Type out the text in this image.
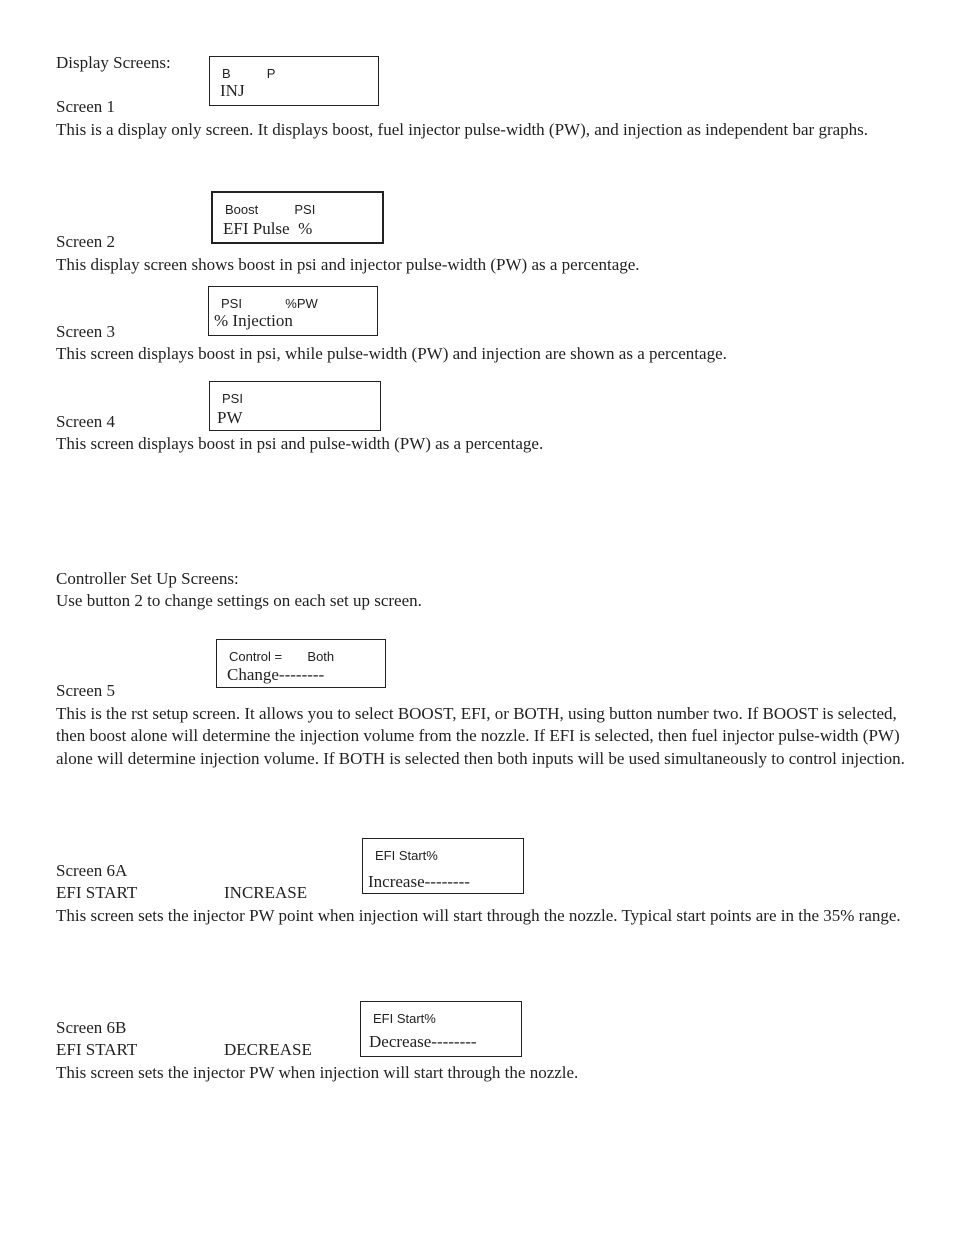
Display Screens:
B          P
INJ
Screen 1
This is a display only screen. It displays boost, fuel injector pulse-width (PW), and injection as independent bar graphs.
Boost          PSI
EFI Pulse  %
Screen 2
This display screen shows boost in psi and injector pulse-width (PW) as a percentage.
PSI            %PW
% Injection
Screen 3
This screen displays boost in psi, while pulse-width (PW) and injection are shown as a percentage.
PSI
PW
Screen 4
This screen displays boost in psi and pulse-width (PW) as a percentage.
Controller Set Up Screens:
Use button 2 to change settings on each set up screen.
Control =       Both
Change--------
Screen 5
This is the rst setup screen. It allows you to select BOOST, EFI, or BOTH, using button number two. If BOOST is selected, then boost alone will determine the injection volume from the nozzle. If EFI is selected, then fuel injector pulse-width (PW) alone will determine injection volume. If BOTH is selected then both inputs will be used simultaneously to control injection.
EFI Start%
Increase--------
Screen 6A
EFI START	INCREASE
This screen sets the injector PW point when injection will start through the nozzle. Typical start points are in the 35% range.
EFI Start%
Decrease--------
Screen 6B
EFI START	DECREASE
This screen sets the injector PW when injection will start through the nozzle.
